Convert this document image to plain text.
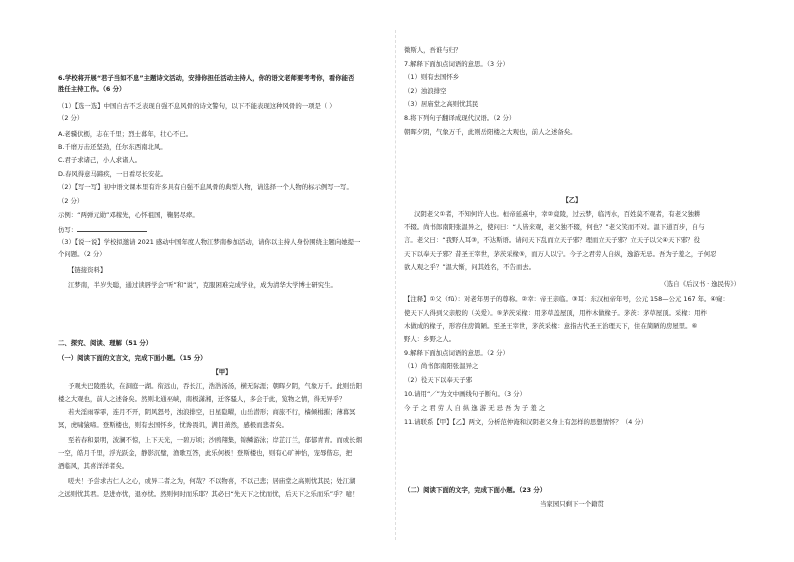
6.学校将开展“君子当如不息”主题诗文活动，安排你担任活动主持人，你的语文老师要考考你，看你能否
胜任主持工作。（6 分）
（1）【选一选】中国自古不乏表现自强不息风骨的诗文警句，以下不能表现这种风骨的一项是（ ）
（2 分）
A.老骥伏枥，志在千里；烈士暮年，壮心不已。
B.千磨万击还坚劲，任尔东西南北风。
C.君子求诸己，小人求诸人。
D.春风得意马蹄疾，一日看尽长安花。
（2）【写一写】初中语文课本里有许多具有自强不息风骨的典型人物，请选择一个人物的标示例写一写。
（2 分）
示例：“两弹元勋”邓稼先，心怀祖国，鞠躬尽瘁。
仿写：
（3）【说一说】学校拟邀请 2021 感动中国年度人物江梦南参加活动，请你以主持人身份围绕主题向她提一
个问题。（2 分）
【链接资料】
江梦南，半岁失聪，通过读唇学会“听”和“说”，克服困难完成学业，成为清华大学博士研究生。
二、探究、阅读、理解（51 分）
（一）阅读下面的文言文，完成下面小题。（15 分）
【甲】
予观夫巴陵胜状，在洞庭一湖。衔远山，吞长江，浩浩汤汤，横无际涯；朝晖夕阴，气象万千。此则岳阳
楼之大观也，前人之述备矣。然则北通巫峡，南极潇湘，迁客骚人，多会于此，览物之情，得无异乎？
若夫淫雨霏霏，连月不开，阴风怒号，浊浪排空，日星隐曜，山岳潜形；商旅不行，樯倾楫摧；薄暮冥
冥，虎啸猿啼。登斯楼也，则有去国怀乡，忧谗畏讥，满目萧然，感极而悲者矣。
至若春和景明，波澜不惊，上下天光，一碧万顷；沙鸥翔集，锦鳞游泳；岸芷汀兰，郁郁青青。而或长烟
一空，皓月千里，浮光跃金，静影沉璧，渔歌互答，此乐何极！登斯楼也，则有心旷神怡，宠辱偕忘，把
酒临风，其喜洋洋者矣。
嗟夫！予尝求古仁人之心，或异二者之为，何哉？不以物喜，不以己悲；居庙堂之高则忧其民；处江湖
之远则忧其君。是进亦忧，退亦忧。然则何时而乐耶？其必曰“先天下之忧而忧，后天下之乐而乐”乎？噫！
微斯人，吾谁与归？
7.解释下面加点词语的意思。（3 分）
（1）则有去国怀乡
（2）浊浪排空
（3）居庙堂之高则忧其民
8.将下列句子翻译成现代汉语。（2 分）
朝晖夕阴，气象万千，此则岳阳楼之大观也，前人之述备矣。
【乙】
汉阴老父①者，不知何许人也。桓帝延熹中，幸②竟陵，过云梦，临沔水，百姓莫不观者，有老父独耕
不辍。尚书郎南阳张温异之，使问曰：“人皆来观，老父独不辍，何也？”老父笑而不对。温下道百步，自与
言。老父曰：“我野人耳③，不达斯语。请问天下乱而立天子邪？理而立天子邪？立天子以父④天下邪？役
天下以奉天子邪？昔圣王宰世，茅茨采椽⑤，而万人以宁。今子之君劳人自纵，逸游无忌。吾为子羞之，子何忍
欲人观之乎？”温大惭，问其姓名，不告而去。
（选自《后汉书 · 逸民传》）
【注释】①父（fǔ）：对老年男子的尊称。②幸：帝王亲临。③耳：东汉桓帝年号，公元 158—公元 167 年。④窥：
使天下人得到父亲般的（关爱）。⑤茅茨采椽：用茅草盖屋顶，用柞木做椽子。茅茨：茅草屋顶。采椽：用柞
木做成的椽子，形容住房简陋。至圣王宰世，茅茨采椽：意指古代圣王治理天下，住在简陋的房屋里。⑥
野人：乡野之人。
9.解释下面加点词语的意思。（2 分）
（1）尚书郎南阳张温异之
（2）役天下以奉天子邪
10.请用“／”为文中画线句子断句。（3 分）
今 子 之 君 劳 人 自 纵 逸 游 无 忌 吾 为 子 羞 之
11.请联系【甲】【乙】两文，分析范仲淹和汉阴老父身上有怎样的思想情怀？（4 分）
（二）阅读下面的文字，完成下面小题。（23 分）
当家园只剩下一个籍贯
